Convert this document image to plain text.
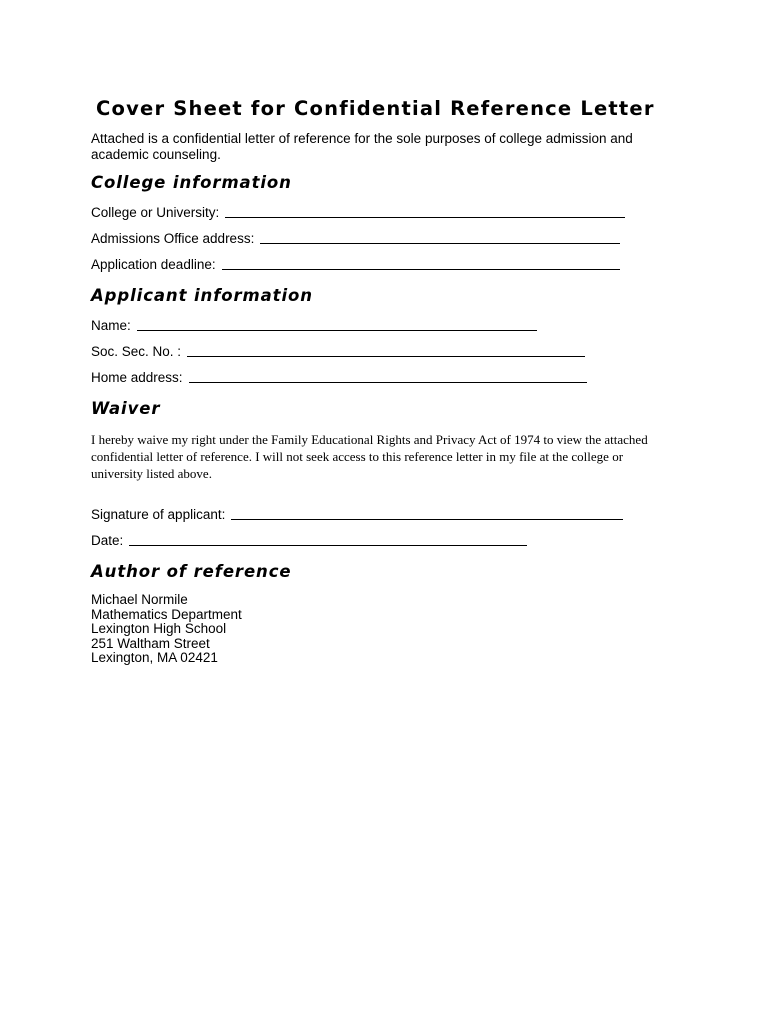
Cover Sheet for Confidential Reference Letter
Attached is a confidential letter of reference for the sole purposes of college admission and academic counseling.
College information
College or University:
Admissions Office address:
Application deadline:
Applicant information
Name:
Soc. Sec. No. :
Home address:
Waiver
I hereby waive my right under the Family Educational Rights and Privacy Act of 1974 to view the attached confidential letter of reference. I will not seek access to this reference letter in my file at the college or university listed above.
Signature of applicant:
Date:
Author of reference
Michael Normile
Mathematics Department
Lexington High School
251 Waltham Street
Lexington, MA 02421
